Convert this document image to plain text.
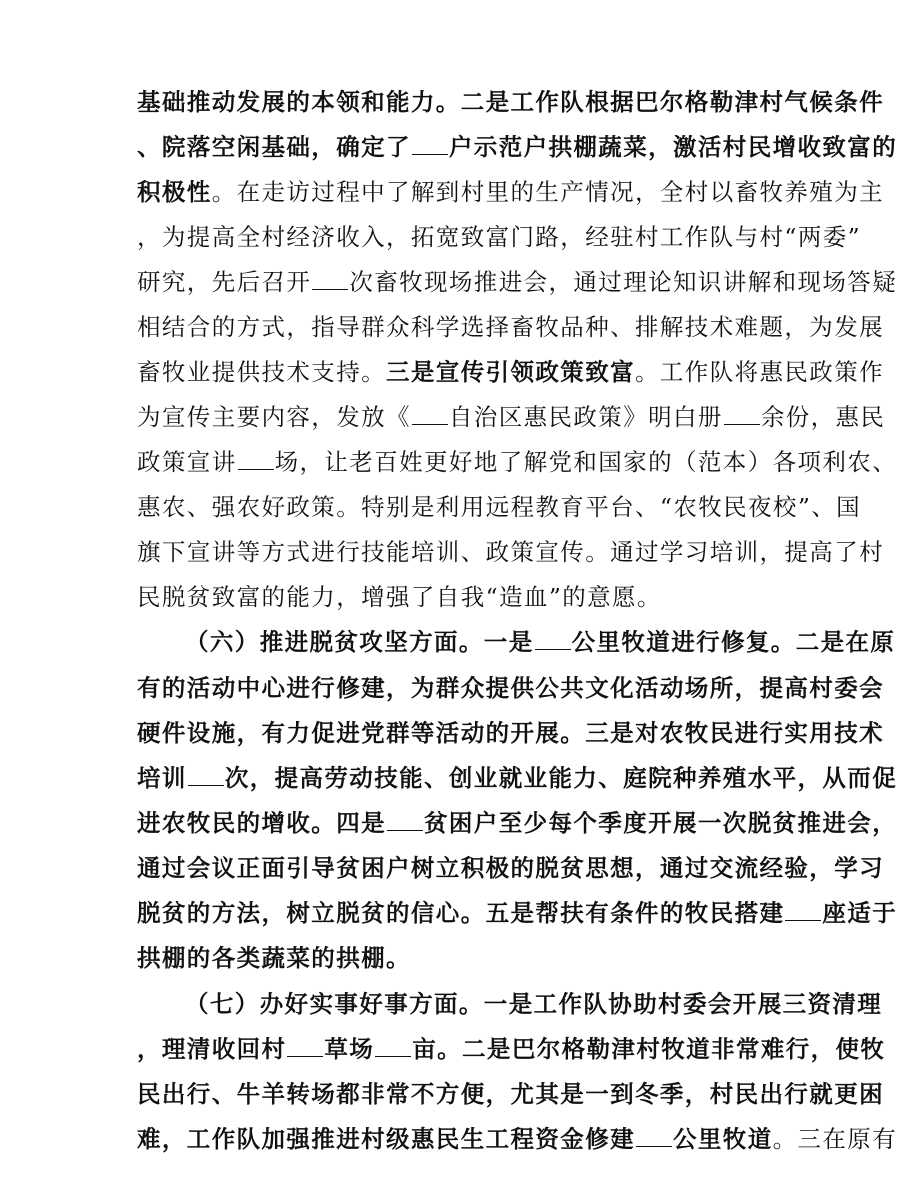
基础推动发展的本领和能力。二是工作队根据巴尔格勒津村气候条件
、院落空闲基础，确定了 户示范户拱棚蔬菜，激活村民增收致富的
积极性。在走访过程中了解到村里的生产情况，全村以畜牧养殖为主
，为提高全村经济收入，拓宽致富门路，经驻村工作队与村“两委”
研究，先后召开 次畜牧现场推进会，通过理论知识讲解和现场答疑
相结合的方式，指导群众科学选择畜牧品种、排解技术难题，为发展
畜牧业提供技术支持。三是宣传引领政策致富。工作队将惠民政策作
为宣传主要内容，发放《 自治区惠民政策》明白册 余份，惠民
政策宣讲 场，让老百姓更好地了解党和国家的（范本）各项利农、
惠农、强农好政策。特别是利用远程教育平台、“农牧民夜校”、国
旗下宣讲等方式进行技能培训、政策宣传。通过学习培训，提高了村
民脱贫致富的能力，增强了自我“造血”的意愿。
（六）推进脱贫攻坚方面。一是 公里牧道进行修复。二是在原
有的活动中心进行修建，为群众提供公共文化活动场所，提高村委会
硬件设施，有力促进党群等活动的开展。三是对农牧民进行实用技术
培训 次，提高劳动技能、创业就业能力、庭院种养殖水平，从而促
进农牧民的增收。四是 贫困户至少每个季度开展一次脱贫推进会，
通过会议正面引导贫困户树立积极的脱贫思想，通过交流经验，学习
脱贫的方法，树立脱贫的信心。五是帮扶有条件的牧民搭建 座适于
拱棚的各类蔬菜的拱棚。
（七）办好实事好事方面。一是工作队协助村委会开展三资清理
，理清收回村 草场 亩。二是巴尔格勒津村牧道非常难行，使牧
民出行、牛羊转场都非常不方便，尤其是一到冬季，村民出行就更困
难，工作队加强推进村级惠民生工程资金修建 公里牧道。三在原有
